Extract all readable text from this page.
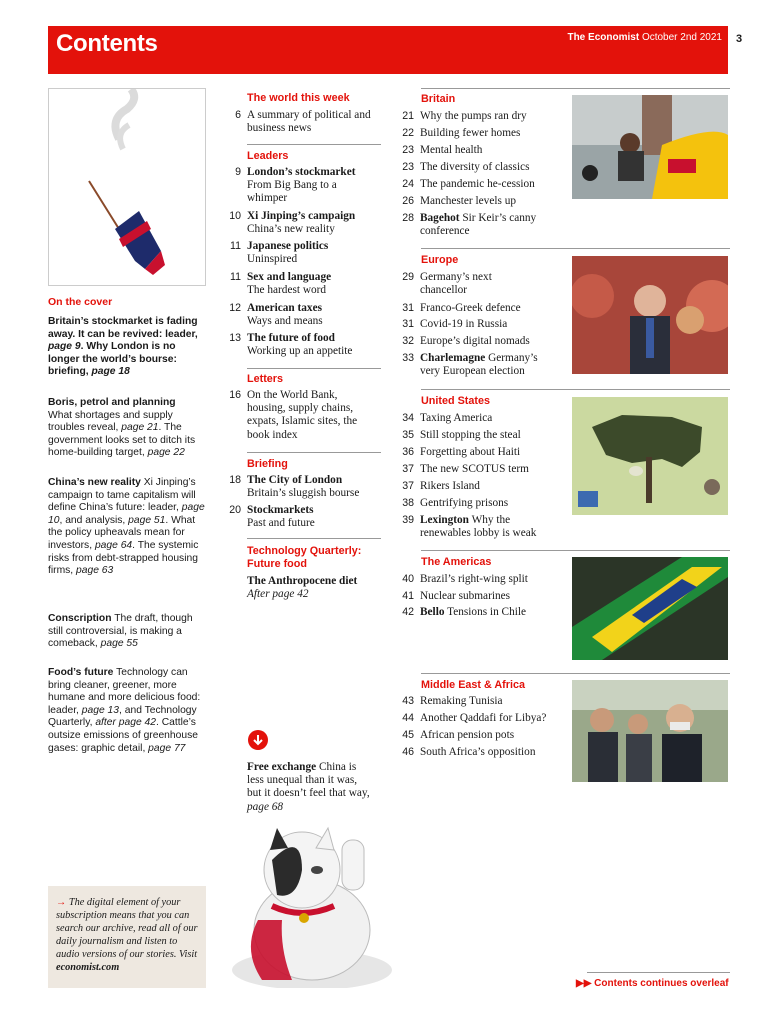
Contents	The Economist October 2nd 2021 3
On the cover
Britain’s stockmarket is fading away. It can be revived: leader, page 9. Why London is no longer the world’s bourse: briefing, page 18
Boris, petrol and planning
What shortages and supply troubles reveal, page 21. The government looks set to ditch its home-building target, page 22
China’s new reality Xi Jinping’s campaign to tame capitalism will define China’s future: leader, page 10, and analysis, page 51. What the policy upheavals mean for investors, page 64. The systemic risks from debt-strapped housing firms, page 63
Conscription The draft, though still controversial, is making a comeback, page 55
Food’s future Technology can bring cleaner, greener, more humane and more delicious food: leader, page 13, and Technology Quarterly, after page 42. Cattle’s outsize emissions of greenhouse gases: graphic detail, page 77
→ The digital element of your subscription means that you can search our archive, read all of our daily journalism and listen to audio versions of our stories. Visit economist.com
The world this week
6 A summary of political and business news
Leaders
9 London’s stockmarket
From Big Bang to a whimper
10 Xi Jinping’s campaign
China’s new reality
11 Japanese politics
Uninspired
11 Sex and language
The hardest word
12 American taxes
Ways and means
13 The future of food
Working up an appetite
Letters
16 On the World Bank, housing, supply chains, expats, Islamic sites, the book index
Briefing
18 The City of London
Britain’s sluggish bourse
20 Stockmarkets
Past and future
Technology Quarterly: Future food
The Anthropocene diet
After page 42
Free exchange China is less unequal than it was, but it doesn’t feel that way, page 68
Britain
21 Why the pumps ran dry
22 Building fewer homes
23 Mental health
23 The diversity of classics
24 The pandemic he-cession
26 Manchester levels up
28 Bagehot Sir Keir’s canny conference
Europe
29 Germany’s next chancellor
31 Franco-Greek defence
31 Covid-19 in Russia
32 Europe’s digital nomads
33 Charlemagne Germany’s very European election
United States
34 Taxing America
35 Still stopping the steal
36 Forgetting about Haiti
37 The new SCOTUS term
37 Rikers Island
38 Gentrifying prisons
39 Lexington Why the renewables lobby is weak
The Americas
40 Brazil’s right-wing split
41 Nuclear submarines
42 Bello Tensions in Chile
Middle East & Africa
43 Remaking Tunisia
44 Another Qaddafi for Libya?
45 African pension pots
46 South Africa’s opposition
▶▶ Contents continues overleaf
